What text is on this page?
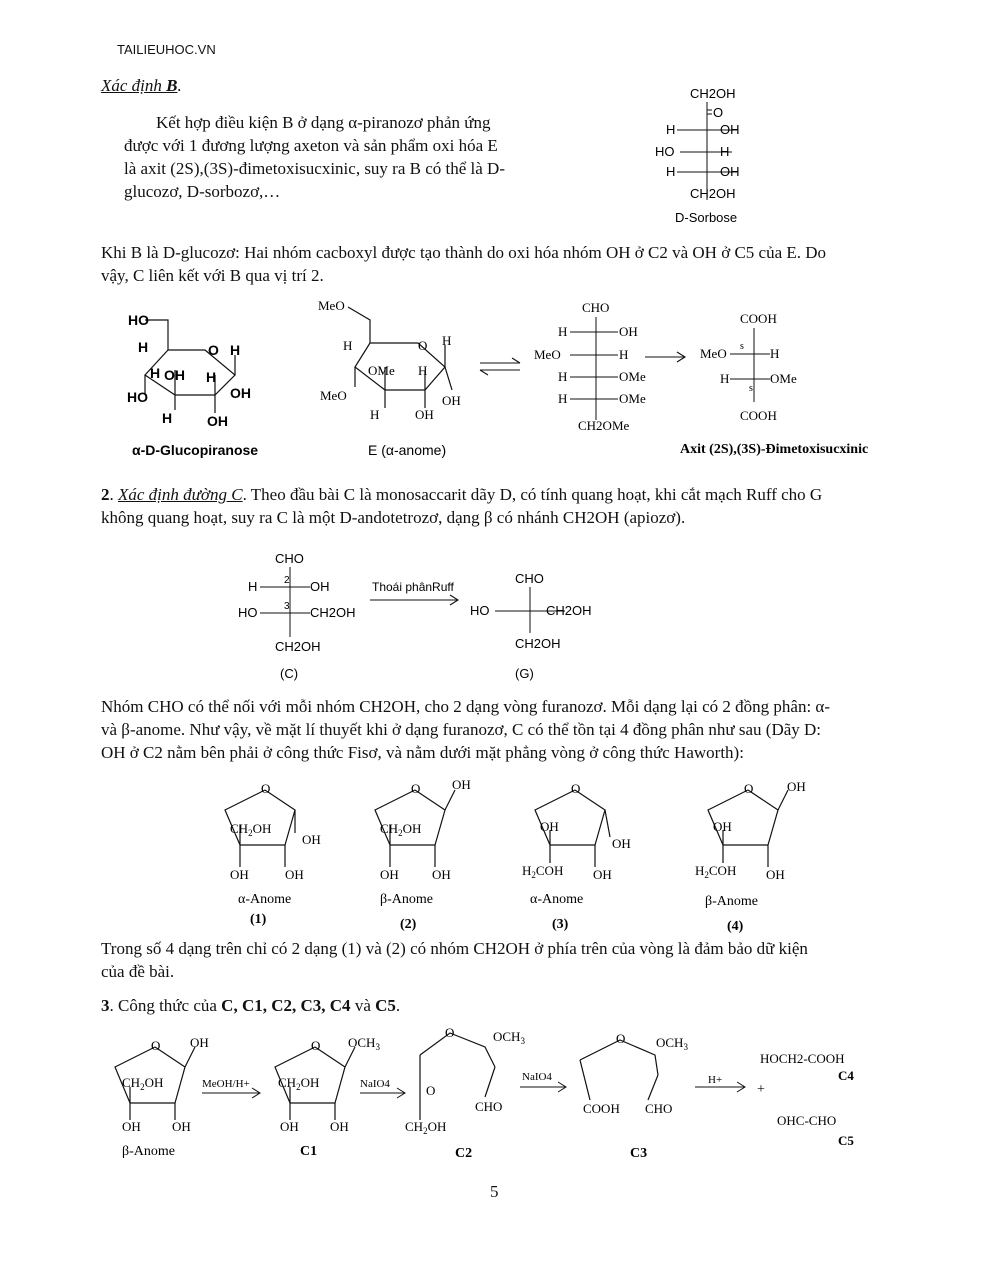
TAILIEUHOC.VN
Xác định B.
Kết hợp điều kiện B ở dạng α-piranozơ phản ứng
được với 1 đương lượng axeton và sản phẩm oxi hóa E
là axit (2S),(3S)-đimetoxisucxinic, suy ra B có thể là D-
glucozơ, D-sorbozơ,…
CH2OH
O
H	OH
HO	H
H	OH
CH2OH
D-Sorbose
Khi B là D-glucozơ: Hai nhóm cacboxyl được tạo thành do oxi hóa nhóm OH ở C2 và OH ở C5 của E. Do
vậy, C liên kết với B qua vị trí 2.
HO
H	O H
H OH H
HO	OH
H OH
α-D-Glucopiranose
MeO
H	O H
OMe H
MeO
H	OH
OH
E (α-anome)
CHO
H	OH
MeO	H
H	OMe
H	OMe
CH2OMe
COOH
MeO	H
s
H	OMe
s
COOH
Axit (2S),(3S)-Đimetoxisucxinic
2. Xác định đường C. Theo đầu bài C là monosaccarit dãy D, có tính quang hoạt, khi cắt mạch Ruff cho G
không quang hoạt, suy ra C là một D-andotetrozơ, dạng β có nhánh CH2OH (apiozơ).
CHO
H	OH
2
HO	CH2OH
3
CH2OH
(C)
Thoái phânRuff
CHO
HO	CH2OH
CH2OH
(G)
Nhóm CHO có thể nối với mỗi nhóm CH2OH, cho 2 dạng vòng furanozơ. Mỗi dạng lại có 2 đồng phân: α-
và β-anome. Như vậy, về mặt lí thuyết khi ở dạng furanozơ, C có thể tồn tại 4 đồng phân như sau (Dãy D:
OH ở C2 nằm bên phải ở công thức Fisơ, và nằm dưới mặt phẳng vòng ở công thức Haworth):
O
$CH_2OH$
OH
OH	OH
α-Anome
(1)
O OH
$CH_2OH$
OH	OH
β-Anome
(2)
O
OH
OH
$H_2COH$ OH
α-Anome
(3)
O	OH
OH
$H_2COH$ OH
β-Anome
(4)
Trong số 4 dạng trên chỉ có 2 dạng (1) và (2) có nhóm CH2OH ở phía trên của vòng là đảm bảo dữ kiện
của đề bài.
3. Công thức của C, C1, C2, C3, C4 và C5.
O OH
$CH_2OH$
OH OH
β-Anome
MeOH/H+
O $OCH_3$
$CH_2OH$
OH OH
C1
NaIO4
O	$OCH_3$
O
CHO
$CH_2OH$
C2
NaIO4
O $OCH_3$
COOH CHO
C3
H+
+
HOCH2-COOH
C4
OHC-CHO
C5
5
